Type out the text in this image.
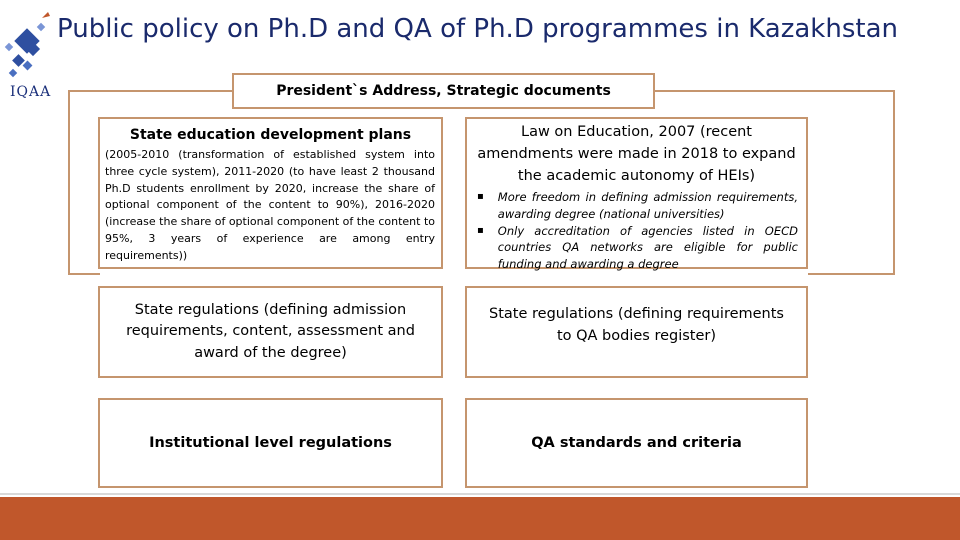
IQAA
Public policy on Ph.D and QA of Ph.D programmes in Kazakhstan
President`s Address, Strategic documents
State education development plans
(2005-2010 (transformation of established system into three cycle system), 2011-2020 (to have least 2 thousand Ph.D students enrollment by 2020, increase the share of optional component of the content to 90%), 2016-2020 (increase the share of optional component of the content to 95%, 3 years of experience are among entry requirements))
Law on Education, 2007 (recent amendments were made in 2018 to expand the academic autonomy of HEIs)
▪ More freedom in defining admission requirements, awarding degree (national universities)
▪ Only accreditation of agencies listed in OECD countries QA networks are eligible for public funding and awarding a degree
State regulations (defining admission requirements, content, assessment and award of the degree)
State regulations (defining requirements to QA bodies register)
Institutional level regulations	QA standards and criteria
